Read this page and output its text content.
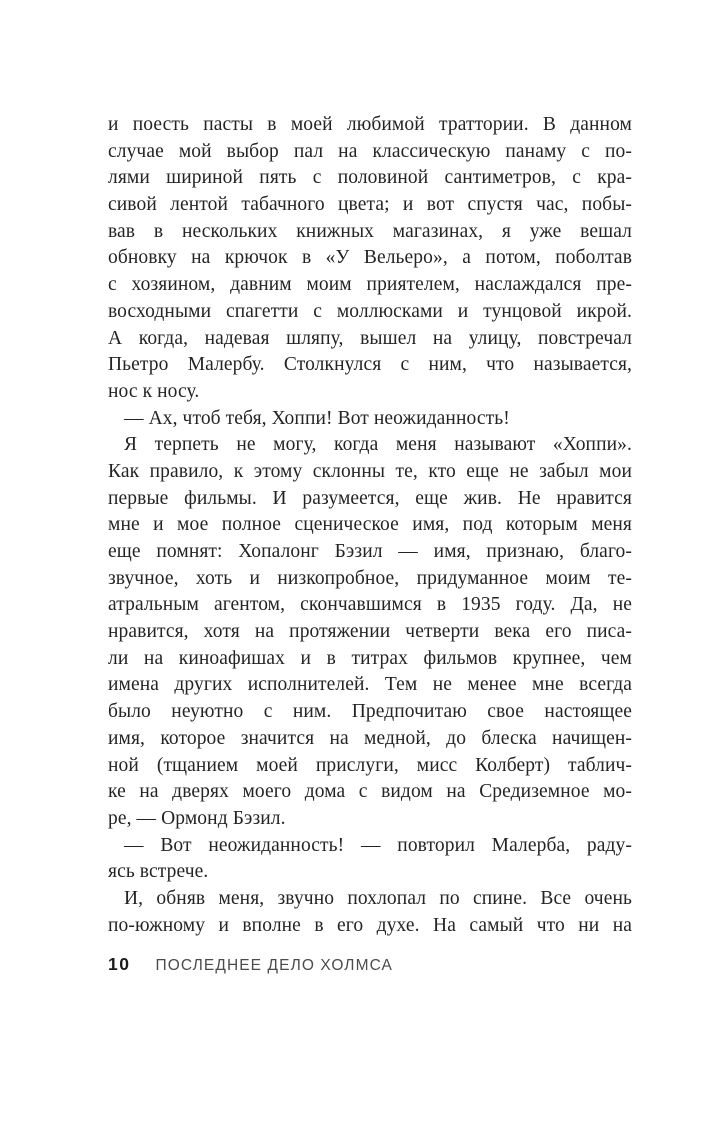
и поесть пасты в моей любимой траттории. В данном
случае мой выбор пал на классическую панаму с по-
лями шириной пять с половиной сантиметров, с кра-
сивой лентой табачного цвета; и вот спустя час, побы-
вав в нескольких книжных магазинах, я уже вешал
обновку на крючок в «У Вельеро», а потом, поболтав
с хозяином, давним моим приятелем, наслаждался пре-
восходными спагетти с моллюсками и тунцовой икрой.
А когда, надевая шляпу, вышел на улицу, повстречал
Пьетро Малербу. Столкнулся с ним, что называется,
нос к носу.
— Ах, чтоб тебя, Хоппи! Вот неожиданность!
Я терпеть не могу, когда меня называют «Хоппи».
Как правило, к этому склонны те, кто еще не забыл мои
первые фильмы. И разумеется, еще жив. Не нравится
мне и мое полное сценическое имя, под которым меня
еще помнят: Хопалонг Бэзил — имя, признаю, благо-
звучное, хоть и низкопробное, придуманное моим те-
атральным агентом, скончавшимся в 1935 году. Да, не
нравится, хотя на протяжении четверти века его писа-
ли на киноафишах и в титрах фильмов крупнее, чем
имена других исполнителей. Тем не менее мне всегда
было неуютно с ним. Предпочитаю свое настоящее
имя, которое значится на медной, до блеска начищен-
ной (тщанием моей прислуги, мисс Колберт) таблич-
ке на дверях моего дома с видом на Средиземное мо-
ре, — Ормонд Бэзил.
— Вот неожиданность! — повторил Малерба, раду-
ясь встрече.
И, обняв меня, звучно похлопал по спине. Все очень
по-южному и вполне в его духе. На самый что ни на
10 ПОСЛЕДНЕЕ ДЕЛО ХОЛМСА
